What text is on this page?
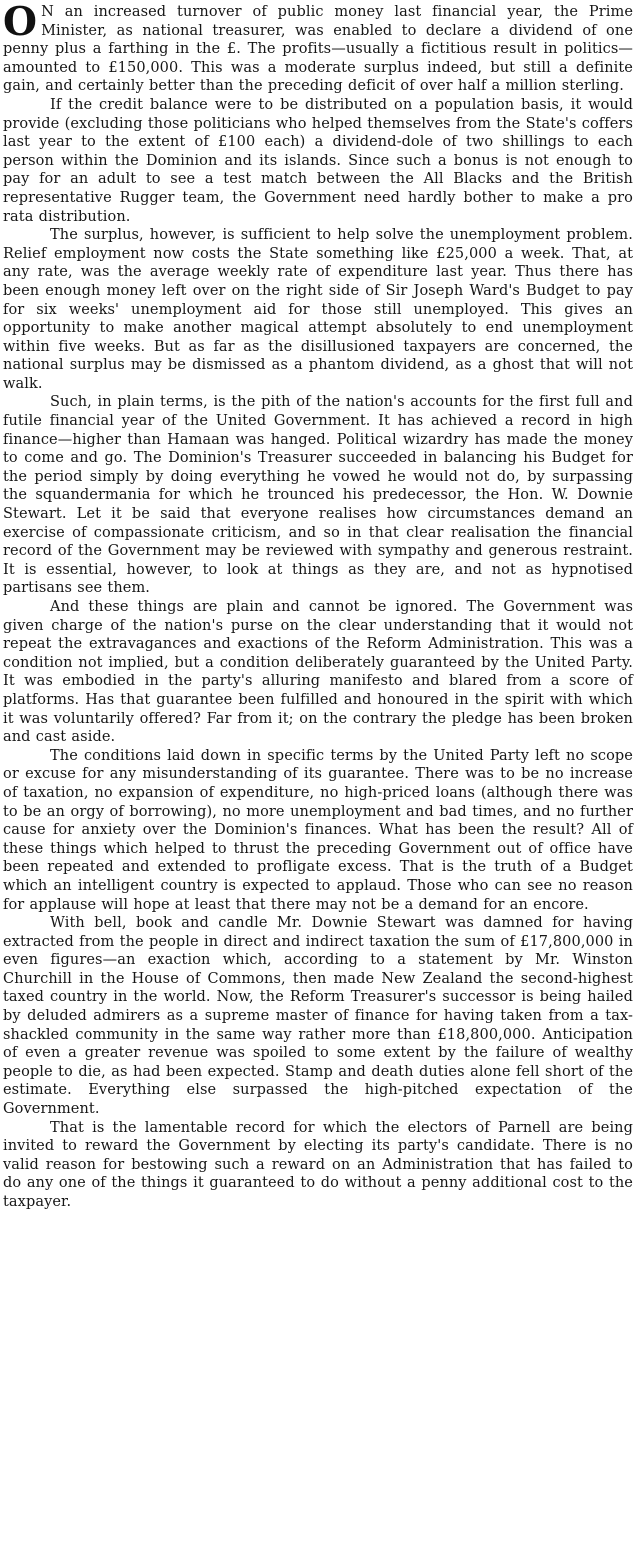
O N an increased turnover of public money last financial year, the Prime Minister, as national treasurer, was enabled to declare a dividend of one penny plus a farthing in the £. The profits—usually a fictitious result in politics—amounted to £150,000. This was a moderate surplus indeed, but still a definite gain, and certainly better than the preceding deficit of over half a million sterling.

If the credit balance were to be distributed on a population basis, it would provide (excluding those politicians who helped themselves from the State's coffers last year to the extent of £100 each) a dividend-dole of two shillings to each person within the Dominion and its islands. Since such a bonus is not enough to pay for an adult to see a test match between the All Blacks and the British representative Rugger team, the Government need hardly bother to make a pro rata distribution.

The surplus, however, is sufficient to help solve the unemployment problem. Relief employment now costs the State something like £25,000 a week. That, at any rate, was the average weekly rate of expenditure last year. Thus there has been enough money left over on the right side of Sir Joseph Ward's Budget to pay for six weeks' unemployment aid for those still unemployed. This gives an opportunity to make another magical attempt absolutely to end unemployment within five weeks. But as far as the disillusioned taxpayers are concerned, the national surplus may be dismissed as a phantom dividend, as a ghost that will not walk.

Such, in plain terms, is the pith of the nation's accounts for the first full and futile financial year of the United Government. It has achieved a record in high finance—higher than Hamaan was hanged. Political wizardry has made the money to come and go. The Dominion's Treasurer succeeded in balancing his Budget for the period simply by doing everything he vowed he would not do, by surpassing the squandermania for which he trounced his predecessor, the Hon. W. Downie Stewart. Let it be said that everyone realises how circumstances demand an exercise of compassionate criticism, and so in that clear realisation the financial record of the Government may be reviewed with sympathy and generous restraint. It is essential, however, to look at things as they are, and not as hypnotised partisans see them.

And these things are plain and cannot be ignored. The Government was given charge of the nation's purse on the clear understanding that it would not repeat the extravagances and exactions of the Reform Administration. This was a condition not implied, but a condition deliberately guaranteed by the United Party. It was embodied in the party's alluring manifesto and blared from a score of platforms. Has that guarantee been fulfilled and honoured in the spirit with which it was voluntarily offered? Far from it; on the contrary the pledge has been broken and cast aside.

The conditions laid down in specific terms by the United Party left no scope or excuse for any misunderstanding of its guarantee. There was to be no increase of taxation, no expansion of expenditure, no high-priced loans (although there was to be an orgy of borrowing), no more unemployment and bad times, and no further cause for anxiety over the Dominion's finances. What has been the result? All of these things which helped to thrust the preceding Government out of office have been repeated and extended to profligate excess. That is the truth of a Budget which an intelligent country is expected to applaud. Those who can see no reason for applause will hope at least that there may not be a demand for an encore.

With bell, book and candle Mr. Downie Stewart was damned for having extracted from the people in direct and indirect taxation the sum of £17,800,000 in even figures—an exaction which, according to a statement by Mr. Winston Churchill in the House of Commons, then made New Zealand the second-highest taxed country in the world. Now, the Reform Treasurer's successor is being hailed by deluded admirers as a supreme master of finance for having taken from a tax-shackled community in the same way rather more than £18,800,000. Anticipation of even a greater revenue was spoiled to some extent by the failure of wealthy people to die, as had been expected. Stamp and death duties alone fell short of the estimate. Everything else surpassed the high-pitched expectation of the Government.

That is the lamentable record for which the electors of Parnell are being invited to reward the Government by electing its party's candidate. There is no valid reason for bestowing such a reward on an Administration that has failed to do any one of the things it guaranteed to do without a penny additional cost to the taxpayer.
